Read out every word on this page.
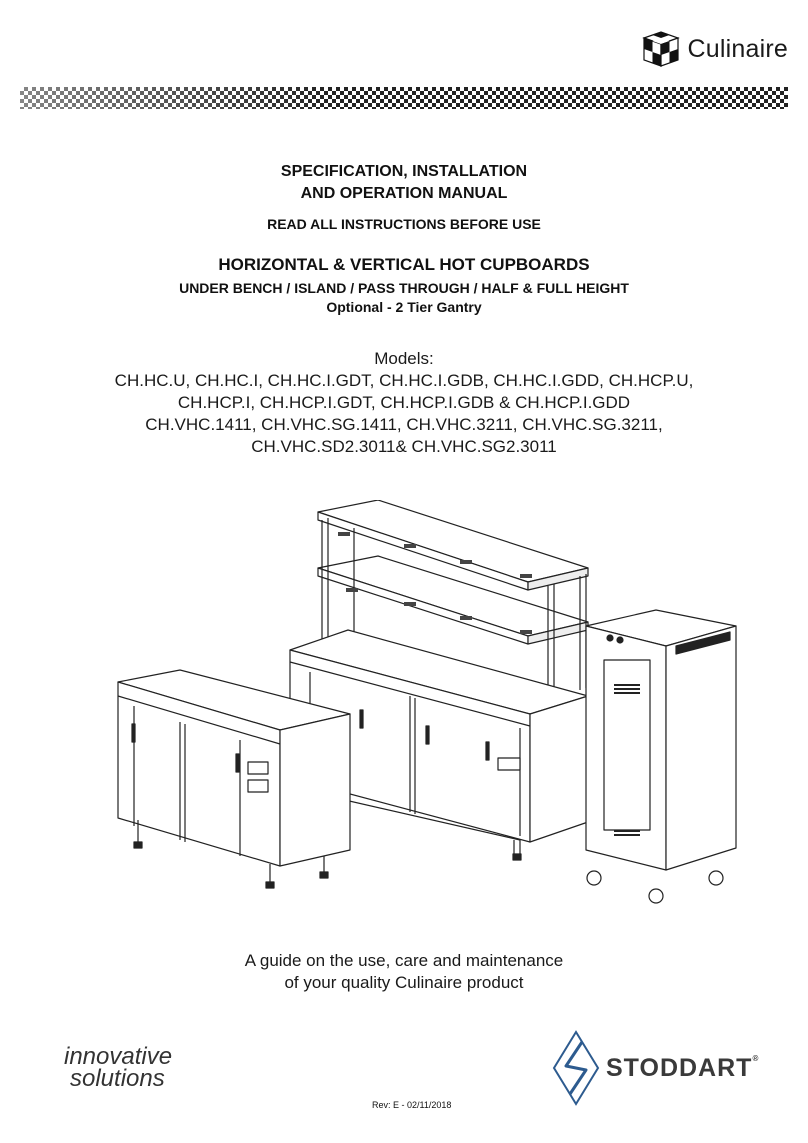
Culinaire
SPECIFICATION, INSTALLATION
AND OPERATION MANUAL
READ ALL INSTRUCTIONS BEFORE USE
HORIZONTAL & VERTICAL HOT CUPBOARDS
UNDER BENCH / ISLAND / PASS THROUGH / HALF & FULL HEIGHT
Optional - 2 Tier Gantry
Models:
CH.HC.U, CH.HC.I, CH.HC.I.GDT, CH.HC.I.GDB, CH.HC.I.GDD, CH.HCP.U,
CH.HCP.I, CH.HCP.I.GDT, CH.HCP.I.GDB & CH.HCP.I.GDD
CH.VHC.1411, CH.VHC.SG.1411, CH.VHC.3211, CH.VHC.SG.3211,
CH.VHC.SD2.3011& CH.VHC.SG2.3011
A guide on the use, care and maintenance
of your quality Culinaire product
innovative
solutions	STODDART®
Rev: E - 02/11/2018
